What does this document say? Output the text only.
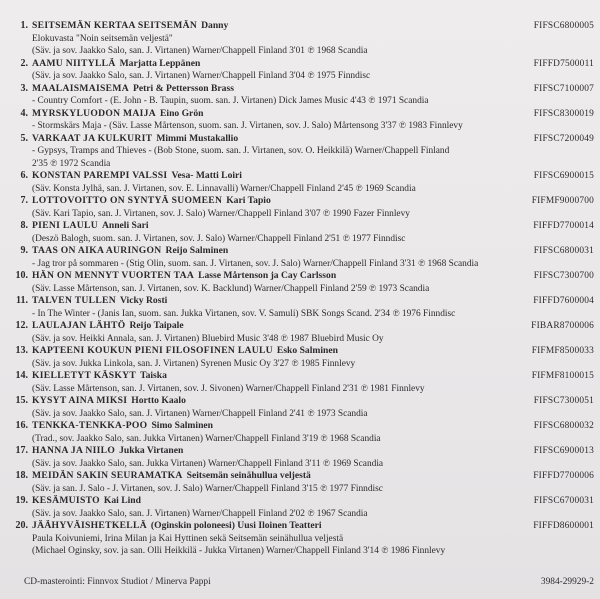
1. SEITSEMÄN KERTAA SEITSEMÄN Danny	FIFSC6800005
Elokuvasta "Noin seitsemän veljestä"
(Säv. ja sov. Jaakko Salo, san. J. Virtanen) Warner/Chappell Finland 3'01 ℗ 1968 Scandia
2. AAMU NIITYLLÄ Marjatta Leppänen	FIFFD7500011
(Säv. ja sov. Jaakko Salo, san. J. Virtanen) Warner/Chappell Finland 3'04 ℗ 1975 Finndisc
3. MAALAISMAISEMA Petri & Pettersson Brass	FIFSC7100007
- Country Comfort - (E. John - B. Taupin, suom. san. J. Virtanen) Dick James Music 4'43 ℗ 1971 Scandia
4. MYRSKYLUODON MAIJA Eino Grön	FIFSC8300019
- Stormskärs Maja - (Säv. Lasse Mårtenson, suom. san. J. Virtanen, sov. J. Salo) Mårtensong 3'37 ℗ 1983 Finnlevy
5. VARKAAT JA KULKURIT Mimmi Mustakallio	FIFSC7200049
- Gypsys, Tramps and Thieves - (Bob Stone, suom. san. J. Virtanen, sov. O. Heikkilä) Warner/Chappell Finland
2'35 ℗ 1972 Scandia
6. KONSTAN PAREMPI VALSSI Vesa- Matti Loiri	FIFSC6900015
(Säv. Konsta Jylhä, san. J. Virtanen, sov. E. Linnavalli) Warner/Chappell Finland 2'45 ℗ 1969 Scandia
7. LOTTOVOITTO ON SYNTYÄ SUOMEEN Kari Tapio	FIFMF9000700
(Säv. Kari Tapio, san. J. Virtanen, sov. J. Salo) Warner/Chappell Finland 3'07 ℗ 1990 Fazer Finnlevy
8. PIENI LAULU Anneli Sari	FIFFD7700014
(Deszö Balogh, suom. san. J. Virtanen, sov. J. Salo) Warner/Chappell Finland 2'51 ℗ 1977 Finndisc
9. TAAS ON AIKA AURINGON Reijo Salminen	FIFSC6800031
- Jag tror på sommaren - (Stig Olin, suom. san. J. Virtanen, sov. J. Salo) Warner/Chappell Finland 3'31 ℗ 1968 Scandia
10. HÄN ON MENNYT VUORTEN TAA Lasse Mårtenson ja Cay Carlsson	FIFSC7300700
(Säv. Lasse Mårtenson, san. J. Virtanen, sov. K. Backlund) Warner/Chappell Finland 2'59 ℗ 1973 Scandia
11. TALVEN TULLEN Vicky Rosti	FIFFD7600004
- In The Winter - (Janis Ian, suom. san. Jukka Virtanen, sov. V. Samuli) SBK Songs Scand. 2'34 ℗ 1976 Finndisc
12. LAULAJAN LÄHTÖ Reijo Taipale	FIBAR8700006
(Säv. ja sov. Heikki Annala, san. J. Virtanen) Bluebird Music 3'48 ℗ 1987 Bluebird Music Oy
13. KAPTEENI KOUKUN PIENI FILOSOFINEN LAULU Esko Salminen	FIFMF8500033
(Säv. ja sov. Jukka Linkola, san. J. Virtanen) Syrenen Music Oy 3'27 ℗ 1985 Finnlevy
14. KIELLETYT KÄSKYT Taiska	FIFMF8100015
(Säv. Lasse Mårtenson, san. J. Virtanen, sov. J. Sivonen) Warner/Chappell Finland 2'31 ℗ 1981 Finnlevy
15. KYSYT AINA MIKSI Hortto Kaalo	FIFSC7300051
(Säv. ja sov. Jaakko Salo, san. J. Virtanen) Warner/Chappell Finland 2'41 ℗ 1973 Scandia
16. TENKKA-TENKKA-POO Simo Salminen	FIFSC6800032
(Trad., sov. Jaakko Salo, san. Jukka Virtanen) Warner/Chappell Finland 3'19 ℗ 1968 Scandia
17. HANNA JA NIILO Jukka Virtanen	FIFSC6900013
(Säv. ja sov. Jaakko Salo, san. Jukka Virtanen) Warner/Chappell Finland 3'11 ℗ 1969 Scandia
18. MEIDÄN SAKIN SEURAMATKA Seitsemän seinähullua veljestä	FIFFD7700006
(Säv. ja san. J. Salo - J. Virtanen, sov. J. Salo) Warner/Chappell Finland 3'15 ℗ 1977 Finndisc
19. KESÄMUISTO Kai Lind	FIFSC6700031
(Säv. ja sov. Jaakko Salo, san. J. Virtanen) Warner/Chappell Finland 2'02 ℗ 1967 Scandia
20. JÄÄHYVÄISHETKELLÄ (Oginskin poloneesi) Uusi Iloinen Teatteri	FIFFD8600001
Paula Koivuniemi, Irina Milan ja Kai Hyttinen sekä Seitsemän seinähullua veljestä
(Michael Oginsky, sov. ja san. Olli Heikkilä - Jukka Virtanen) Warner/Chappell Finland 3'14 ℗ 1986 Finnlevy
CD-masterointi: Finnvox Studiot / Minerva Pappi	3984-29929-2
